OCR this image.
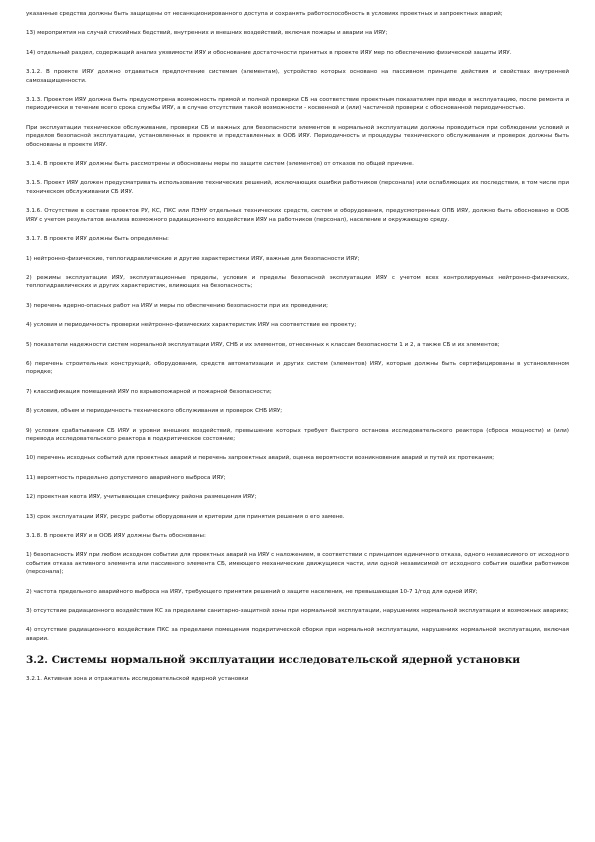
указанные средства должны быть защищены от несанкционированного доступа и сохранять работоспособность в условиях проектных и запроектных аварий;

13) мероприятия на случай стихийных бедствий, внутренних и внешних воздействий, включая пожары и аварии на ИЯУ;

14) отдельный раздел, содержащий анализ уязвимости ИЯУ и обоснование достаточности принятых в проекте ИЯУ мер по обеспечению физической защиты ИЯУ.

3.1.2. В проекте ИЯУ должно отдаваться предпочтение системам (элементам), устройство которых основано на пассивном принципе действия и свойствах внутренней самозащищенности.

3.1.3. Проектом ИЯУ должна быть предусмотрена возможность прямой и полной проверки СБ на соответствие проектным показателям при вводе в эксплуатацию, после ремонта и периодически в течение всего срока службы ИЯУ, а в случае отсутствия такой возможности - косвенной и (или) частичной проверки с обоснованной периодичностью.

При эксплуатации техническое обслуживание, проверки СБ и важных для безопасности элементов в нормальной эксплуатации должны проводиться при соблюдении условий и пределов безопасной эксплуатации, установленных в проекте и представленных в ООБ ИЯУ. Периодичность и процедуры технического обслуживания и проверок должны быть обоснованы в проекте ИЯУ.

3.1.4. В проекте ИЯУ должны быть рассмотрены и обоснованы меры по защите систем (элементов) от отказов по общей причине.

3.1.5. Проект ИЯУ должен предусматривать использование технических решений, исключающих ошибки работников (персонала) или ослабляющих их последствия, в том числе при техническом обслуживании СБ ИЯУ.

3.1.6. Отсутствие в составе проектов РУ, КС, ПКС или ПЭНУ отдельных технических средств, систем и оборудования, предусмотренных ОПБ ИЯУ, должно быть обосновано в ООБ ИЯУ с учетом результатов анализа возможного радиационного воздействия ИЯУ на работников (персонал), население и окружающую среду.

3.1.7. В проекте ИЯУ должны быть определены:

1) нейтронно-физические, теплогидравлические и другие характеристики ИЯУ, важные для безопасности ИЯУ;

2) режимы эксплуатации ИЯУ, эксплуатационные пределы, условия и пределы безопасной эксплуатации ИЯУ с учетом всех контролируемых нейтронно-физических, теплогидравлических и других характеристик, влияющих на безопасность;

3) перечень ядерно-опасных работ на ИЯУ и меры по обеспечению безопасности при их проведении;

4) условия и периодичность проверки нейтронно-физических характеристик ИЯУ на соответствие ее проекту;

5) показатели надежности систем нормальной эксплуатации ИЯУ, СНБ и их элементов, отнесенных к классам безопасности 1 и 2, а также СБ и их элементов;

6) перечень строительных конструкций, оборудования, средств автоматизации и других систем (элементов) ИЯУ, которые должны быть сертифицированы в установленном порядке;

7) классификация помещений ИЯУ по взрывопожарной и пожарной безопасности;

8) условия, объем и периодичность технического обслуживания и проверок СНБ ИЯУ;

9) условия срабатывания СБ ИЯУ и уровни внешних воздействий, превышение которых требует быстрого останова исследовательского реактора (сброса мощности) и (или) перевода исследовательского реактора в подкритическое состояние;

10) перечень исходных событий для проектных аварий и перечень запроектных аварий, оценка вероятности возникновения аварий и путей их протекания;

11) вероятность предельно допустимого аварийного выброса ИЯУ;

12) проектная квота ИЯУ, учитывающая специфику района размещения ИЯУ;

13) срок эксплуатации ИЯУ, ресурс работы оборудования и критерии для принятия решения о его замене.

3.1.8. В проекте ИЯУ и в ООБ ИЯУ должны быть обоснованы:

1) безопасность ИЯУ при любом исходном событии для проектных аварий на ИЯУ с наложением, в соответствии с принципом единичного отказа, одного независимого от исходного события отказа активного элемента или пассивного элемента СБ, имеющего механические движущиеся части, или одной независимой от исходного события ошибки работников (персонала);

2) частота предельного аварийного выброса на ИЯУ, требующего принятия решений о защите населения, не превышающая 10-7 1/год для одной ИЯУ;

3) отсутствие радиационного воздействия КС за пределами санитарно-защитной зоны при нормальной эксплуатации, нарушениях нормальной эксплуатации и возможных авариях;

4) отсутствие радиационного воздействия ПКС за пределами помещения подкритической сборки при нормальной эксплуатации, нарушениях нормальной эксплуатации, включая аварии.

3.2. Системы нормальной эксплуатации исследовательской ядерной установки

3.2.1. Активная зона и отражатель исследовательской ядерной установки
